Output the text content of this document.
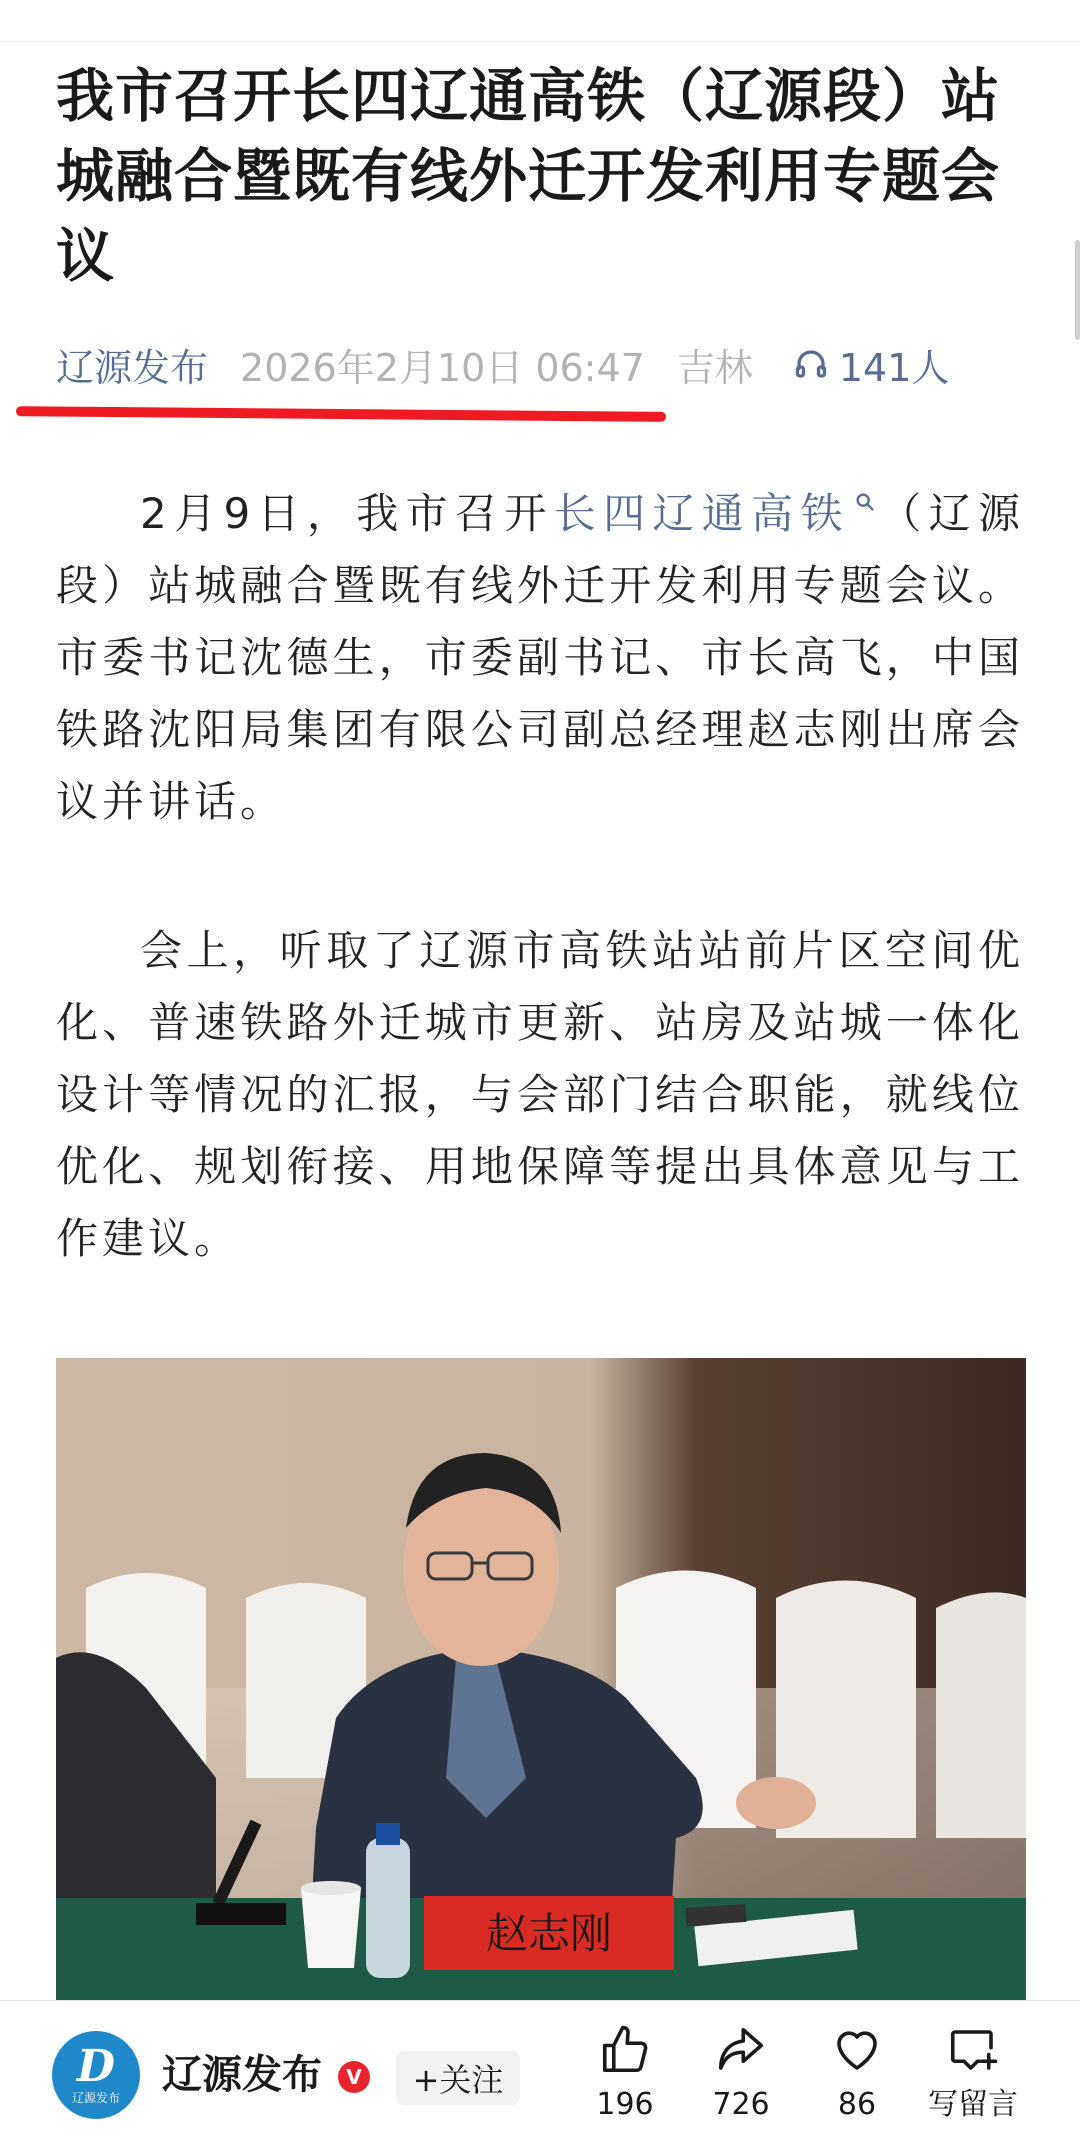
我市召开长四辽通高铁（辽源段）站城融合暨既有线外迁开发利用专题会议
辽源发布 2026年2月10日 06:47 吉林 141人

2月9日，我市召开长四辽通高铁 （辽源段）站城融合暨既有线外迁开发利用专题会议。市委书记沈德生，市委副书记、市长高飞，中国铁路沈阳局集团有限公司副总经理赵志刚出席会议并讲话。

会上，听取了辽源市高铁站站前片区空间优化、普速铁路外迁城市更新、站房及站城一体化设计等情况的汇报，与会部门结合职能，就线位优化、规划衔接、用地保障等提出具体意见与工作建议。

赵志刚
D
辽源发布 辽源发布	V	+关注
196 726 86 写留言
